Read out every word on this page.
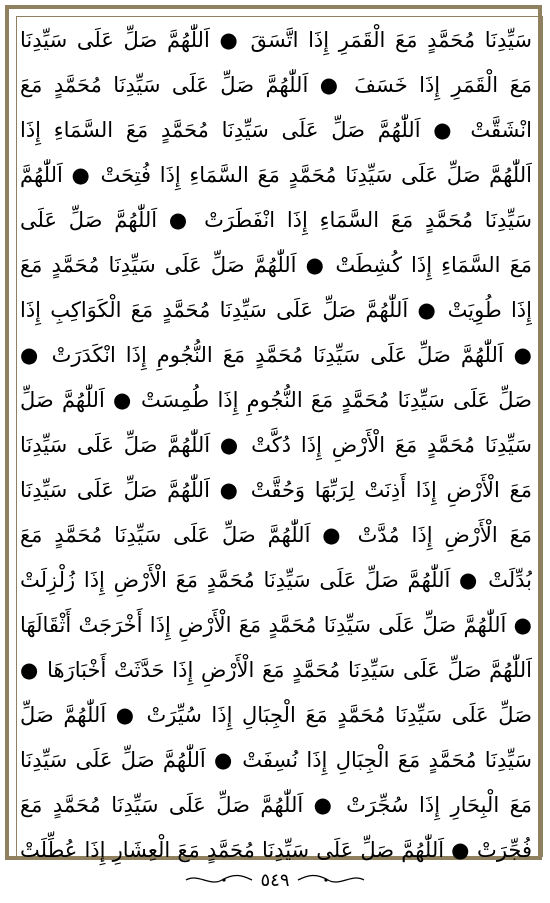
سَيِّدِنَا مُحَمَّدٍ مَعَ الْقَمَرِ إِذَا اتَّسَقَ ● اَللّٰهُمَّ صَلِّ عَلَى سَيِّدِنَا
مَعَ الْقَمَرِ إِذَا خَسَفَ ● اَللّٰهُمَّ صَلِّ عَلَى سَيِّدِنَا مُحَمَّدٍ مَعَ
انْشَقَّتْ ● اَللّٰهُمَّ صَلِّ عَلَى سَيِّدِنَا مُحَمَّدٍ مَعَ السَّمَاءِ إِذَا
اَللّٰهُمَّ صَلِّ عَلَى سَيِّدِنَا مُحَمَّدٍ مَعَ السَّمَاءِ إِذَا فُتِحَتْ ● اَللّٰهُمَّ
سَيِّدِنَا مُحَمَّدٍ مَعَ السَّمَاءِ إِذَا انْفَطَرَتْ ● اَللّٰهُمَّ صَلِّ عَلَى
مَعَ السَّمَاءِ إِذَا كُشِطَتْ ● اَللّٰهُمَّ صَلِّ عَلَى سَيِّدِنَا مُحَمَّدٍ مَعَ
إِذَا طُوِيَتْ ● اَللّٰهُمَّ صَلِّ عَلَى سَيِّدِنَا مُحَمَّدٍ مَعَ الْكَوَاكِبِ إِذَا
● اَللّٰهُمَّ صَلِّ عَلَى سَيِّدِنَا مُحَمَّدٍ مَعَ النُّجُومِ إِذَا انْكَدَرَتْ ●
صَلِّ عَلَى سَيِّدِنَا مُحَمَّدٍ مَعَ النُّجُومِ إِذَا طُمِسَتْ ● اَللّٰهُمَّ صَلِّ
سَيِّدِنَا مُحَمَّدٍ مَعَ الْأَرْضِ إِذَا دُكَّتْ ● اَللّٰهُمَّ صَلِّ عَلَى سَيِّدِنَا
مَعَ الْأَرْضِ إِذَا أَذِنَتْ لِرَبِّهَا وَحُقَّتْ ● اَللّٰهُمَّ صَلِّ عَلَى سَيِّدِنَا
مَعَ الْأَرْضِ إِذَا مُدَّتْ ● اَللّٰهُمَّ صَلِّ عَلَى سَيِّدِنَا مُحَمَّدٍ مَعَ
بُدِّلَتْ ● اَللّٰهُمَّ صَلِّ عَلَى سَيِّدِنَا مُحَمَّدٍ مَعَ الْأَرْضِ إِذَا زُلْزِلَتْ
● اَللّٰهُمَّ صَلِّ عَلَى سَيِّدِنَا مُحَمَّدٍ مَعَ الْأَرْضِ إِذَا أَخْرَجَتْ أَثْقَالَهَا
اَللّٰهُمَّ صَلِّ عَلَى سَيِّدِنَا مُحَمَّدٍ مَعَ الْأَرْضِ إِذَا حَدَّثَتْ أَخْبَارَهَا ●
صَلِّ عَلَى سَيِّدِنَا مُحَمَّدٍ مَعَ الْجِبَالِ إِذَا سُيِّرَتْ ● اَللّٰهُمَّ صَلِّ
سَيِّدِنَا مُحَمَّدٍ مَعَ الْجِبَالِ إِذَا نُسِفَتْ ● اَللّٰهُمَّ صَلِّ عَلَى سَيِّدِنَا
مَعَ الْبِحَارِ إِذَا سُجِّرَتْ ● اَللّٰهُمَّ صَلِّ عَلَى سَيِّدِنَا مُحَمَّدٍ مَعَ
فُجِّرَتْ ● اَللّٰهُمَّ صَلِّ عَلَى سَيِّدِنَا مُحَمَّدٍ مَعَ الْعِشَارِ إِذَا عُطِّلَتْ
٥٤٩
